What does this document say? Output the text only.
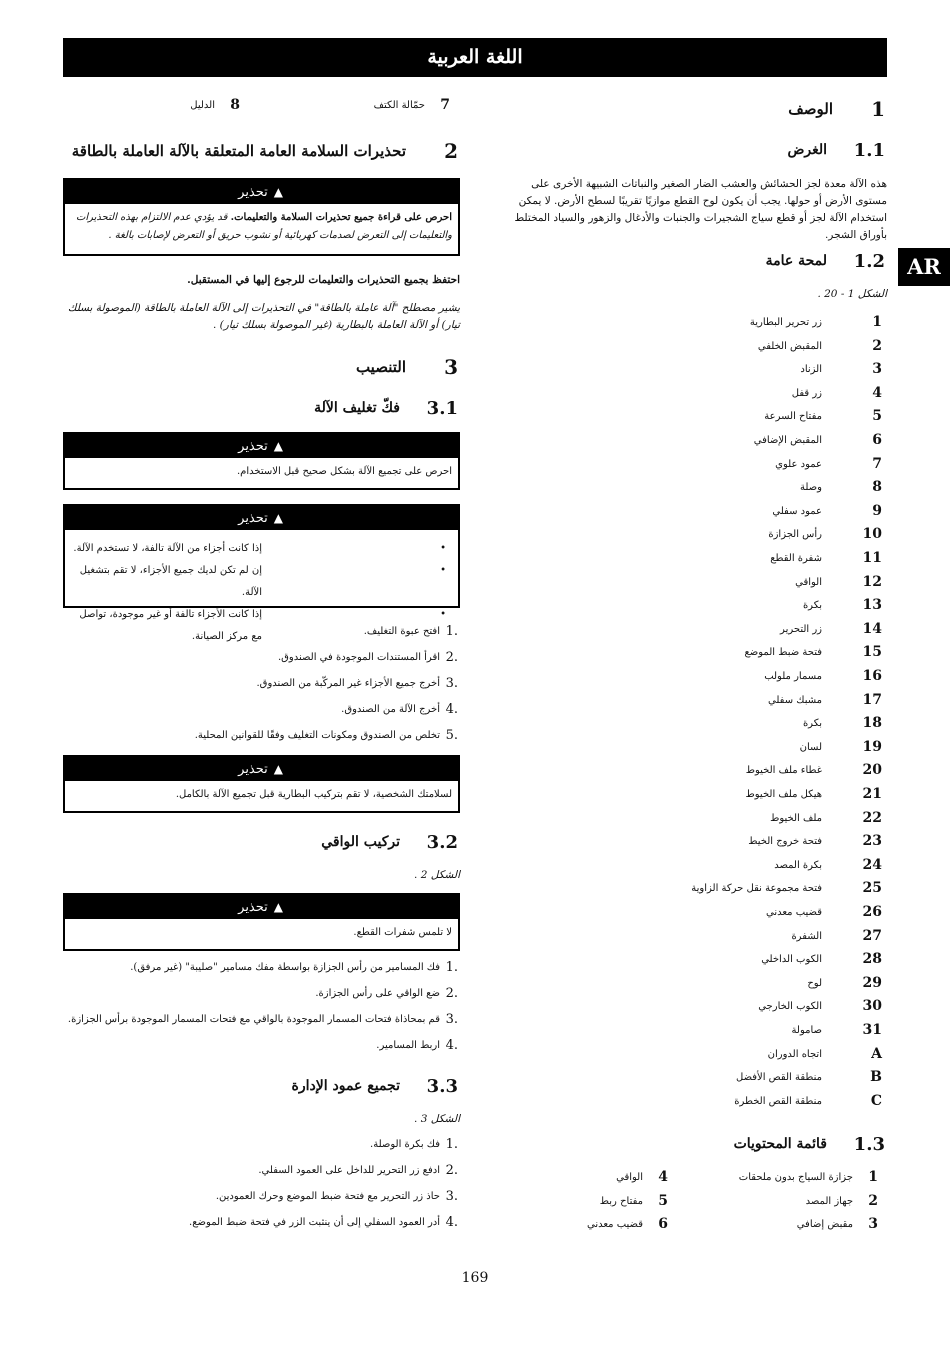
اللغة العربية
AR
1
الوصف
1.1
الغرض
هذه الآلة معدة لجز الحشائش والعشب الضار الصغير والنباتات الشبيهة الأخرى على مستوى الأرض أو حولها. يجب أن يكون لوح القطع موازيًا تقريبًا لسطح الأرض. لا يمكن استخدام الآلة لجز أو قطع سياج الشجيرات والجنبات والأدغال والزهور والسياد المختلط بأوراق الشجر.
1.2
لمحة عامة
الشكل 1 - 20 .
1.3
قائمة المحتويات
7
حمّالة الكتف
8
الدليل
2
تحذيرات السلامة العامة المتعلقة بالآلة العاملة بالطاقة
▲تحذير
احرص على قراءة جميع تحذيرات السلامة والتعليمات. قد يؤدي عدم الالتزام بهذه التحذيرات والتعليمات إلى التعرض لصدمات كهربائية أو نشوب حريق أو التعرض لإصابات بالغة .
احتفظ بجميع التحذيرات والتعليمات للرجوع إليها في المستقبل.
يشير مصطلح "آلة عاملة بالطاقة" في التحذيرات إلى الآلة العاملة بالطاقة (الموصولة بسلك تيار) أو الآلة العاملة بالبطارية (غير الموصولة بسلك تيار) .
3
التنصيب
3.1
فكّ تغليف الآلة
▲تحذير
احرص على تجميع الآلة بشكل صحيح قبل الاستخدام.
▲تحذير
• إذا كانت أجزاء من الآلة تالفة، لا تستخدم الآلة.
• إن لم تكن لديك جميع الأجزاء، لا تقم بتشغيل الآلة.
• إذا كانت الأجزاء تالفة أو غير موجودة، تواصل مع مركز الصيانة.
▲تحذير
لسلامتك الشخصية، لا تقم بتركيب البطارية قبل تجميع الآلة بالكامل.
3.2
تركيب الواقي
الشكل 2 .
▲تحذير
لا تلمس شفرات القطع.
3.3
تجميع عمود الإدارة
الشكل 3 .
169
1
زر تحرير البطارية
2
المقبض الخلفي
3
الزناد
4
زر قفل
5
مفتاح السرعة
6
المقبض الإضافي
7
عمود علوي
8
وصلة
9
عمود سفلي
10
رأس الجزازة
11
شفرة القطع
12
الواقي
13
بكرة
14
زر التحرير
15
فتحة ضبط الموضع
16
مسمار ملولب
17
مشبك سفلي
18
بكرة
19
لسان
20
غطاء ملف الخيوط
21
هيكل ملف الخيوط
22
ملف الخيوط
23
فتحة خروج الخيط
24
بكرة المصد
25
فتحة مجموعة نقل حركة الزاوية
26
قضيب معدني
27
الشفرة
28
الكوب الداخلي
29
لوح
30
الكوب الخارجي
31
صامولة
A
اتجاه الدوران
B
منطقة القص الأفضل
C
منطقة القص الخطرة
1
جزازة السياج بدون ملحقات
2
جهاز المصد
3
مقبض إضافي
4
الواقي
5
مفتاح ربط
6
قضيب معدني
1.
افتح عبوة التغليف.
2.
اقرأ المستندات الموجودة في الصندوق.
3.
أخرج جميع الأجزاء غير المركّبة من الصندوق.
4.
أخرج الآلة من الصندوق.
5.
تخلص من الصندوق ومكونات التغليف وفقًا للقوانين المحلية.
1.
فك المسامير من رأس الجزازة بواسطة مفك مسامير "صليبة" (غير مرفق).
2.
ضع الواقي على رأس الجزازة.
3.
قم بمحاذاة فتحات المسمار الموجودة بالواقي مع فتحات المسمار الموجودة برأس الجزازة.
4.
اربط المسامير.
1.
فك بكرة الوصلة.
2.
ادفع زر التحرير للداخل على العمود السفلي.
3.
حاذ زر التحرير مع فتحة ضبط الموضع وحرك العمودين.
4.
أدر العمود السفلي إلى أن ينثبت الزر في فتحة ضبط الموضع.
